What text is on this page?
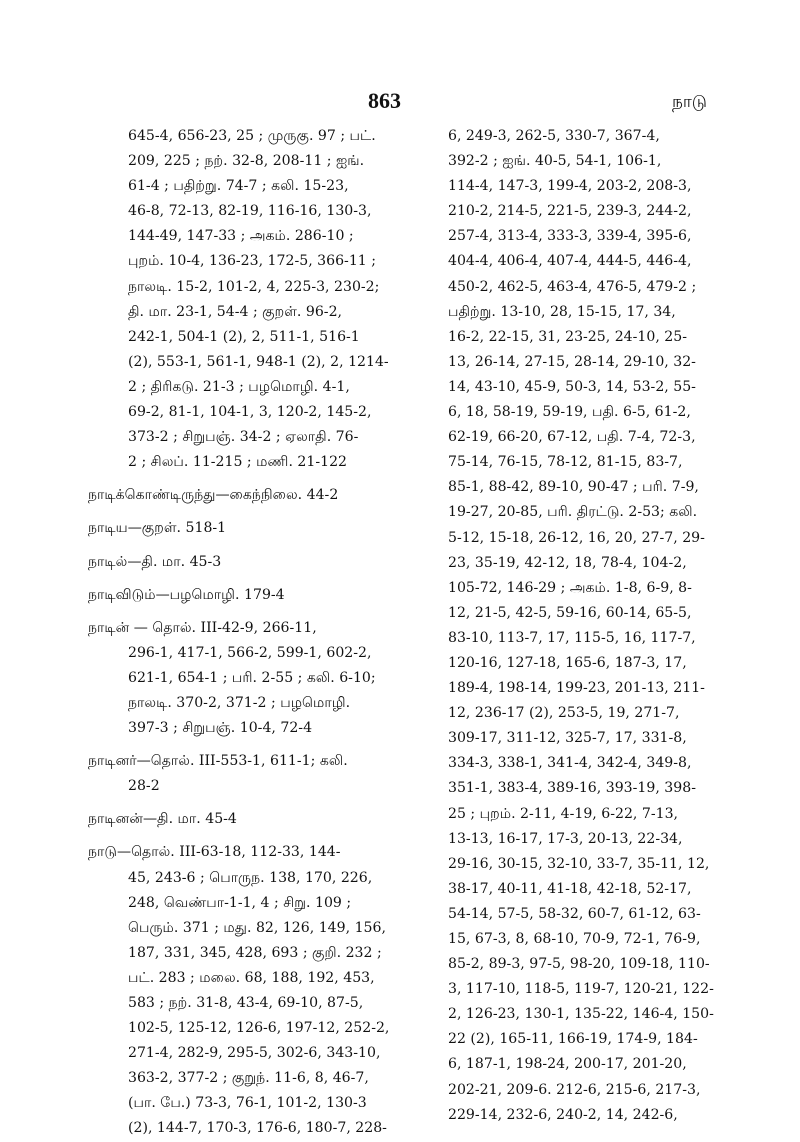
863	நாடு
645-4, 656-23, 25 ; முருகு. 97 ; பட்.
209, 225 ; நற். 32-8, 208-11 ; ஐங்.
61-4 ; பதிற்று. 74-7 ; கலி. 15-23,
46-8, 72-13, 82-19, 116-16, 130-3,
144-49, 147-33 ; அகம். 286-10 ;
புறம். 10-4, 136-23, 172-5, 366-11 ;
நாலடி. 15-2, 101-2, 4, 225-3, 230-2;
தி. மா. 23-1, 54-4 ; குறள். 96-2,
242-1, 504-1 (2), 2, 511-1, 516-1
(2), 553-1, 561-1, 948-1 (2), 2, 1214-
2 ; திரிகடு. 21-3 ; பழமொழி. 4-1,
69-2, 81-1, 104-1, 3, 120-2, 145-2,
373-2 ; சிறுபஞ். 34-2 ; ஏலாதி. 76-
2 ; சிலப். 11-215 ; மணி. 21-122
நாடிக்கொண்டிருந்து—கைந்நிலை. 44-2
நாடிய—குறள். 518-1
நாடில்—தி. மா. 45-3
நாடிவிடும்—பழமொழி. 179-4
நாடின் — தொல். III-42-9, 266-11,
296-1, 417-1, 566-2, 599-1, 602-2,
621-1, 654-1 ; பரி. 2-55 ; கலி. 6-10;
நாலடி. 370-2, 371-2 ; பழமொழி.
397-3 ; சிறுபஞ். 10-4, 72-4
நாடினர்—தொல். III-553-1, 611-1; கலி.
28-2
நாடினன்—தி. மா. 45-4
நாடு—தொல். III-63-18, 112-33, 144-
45, 243-6 ; பொருந. 138, 170, 226,
248, வெண்பா-1-1, 4 ; சிறு. 109 ;
பெரும். 371 ; மது. 82, 126, 149, 156,
187, 331, 345, 428, 693 ; குறி. 232 ;
பட். 283 ; மலை. 68, 188, 192, 453,
583 ; நற். 31-8, 43-4, 69-10, 87-5,
102-5, 125-12, 126-6, 197-12, 252-2,
271-4, 282-9, 295-5, 302-6, 343-10,
363-2, 377-2 ; குறுந். 11-6, 8, 46-7,
(பா. பே.) 73-3, 76-1, 101-2, 130-3
(2), 144-7, 170-3, 176-6, 180-7, 228-
6, 249-3, 262-5, 330-7, 367-4,
392-2 ; ஐங். 40-5, 54-1, 106-1,
114-4, 147-3, 199-4, 203-2, 208-3,
210-2, 214-5, 221-5, 239-3, 244-2,
257-4, 313-4, 333-3, 339-4, 395-6,
404-4, 406-4, 407-4, 444-5, 446-4,
450-2, 462-5, 463-4, 476-5, 479-2 ;
பதிற்று. 13-10, 28, 15-15, 17, 34,
16-2, 22-15, 31, 23-25, 24-10, 25-
13, 26-14, 27-15, 28-14, 29-10, 32-
14, 43-10, 45-9, 50-3, 14, 53-2, 55-
6, 18, 58-19, 59-19, பதி. 6-5, 61-2,
62-19, 66-20, 67-12, பதி. 7-4, 72-3,
75-14, 76-15, 78-12, 81-15, 83-7,
85-1, 88-42, 89-10, 90-47 ; பரி. 7-9,
19-27, 20-85, பரி. திரட்டு. 2-53; கலி.
5-12, 15-18, 26-12, 16, 20, 27-7, 29-
23, 35-19, 42-12, 18, 78-4, 104-2,
105-72, 146-29 ; அகம். 1-8, 6-9, 8-
12, 21-5, 42-5, 59-16, 60-14, 65-5,
83-10, 113-7, 17, 115-5, 16, 117-7,
120-16, 127-18, 165-6, 187-3, 17,
189-4, 198-14, 199-23, 201-13, 211-
12, 236-17 (2), 253-5, 19, 271-7,
309-17, 311-12, 325-7, 17, 331-8,
334-3, 338-1, 341-4, 342-4, 349-8,
351-1, 383-4, 389-16, 393-19, 398-
25 ; புறம். 2-11, 4-19, 6-22, 7-13,
13-13, 16-17, 17-3, 20-13, 22-34,
29-16, 30-15, 32-10, 33-7, 35-11, 12,
38-17, 40-11, 41-18, 42-18, 52-17,
54-14, 57-5, 58-32, 60-7, 61-12, 63-
15, 67-3, 8, 68-10, 70-9, 72-1, 76-9,
85-2, 89-3, 97-5, 98-20, 109-18, 110-
3, 117-10, 118-5, 119-7, 120-21, 122-
2, 126-23, 130-1, 135-22, 146-4, 150-
22 (2), 165-11, 166-19, 174-9, 184-
6, 187-1, 198-24, 200-17, 201-20,
202-21, 209-6. 212-6, 215-6, 217-3,
229-14, 232-6, 240-2, 14, 242-6,
